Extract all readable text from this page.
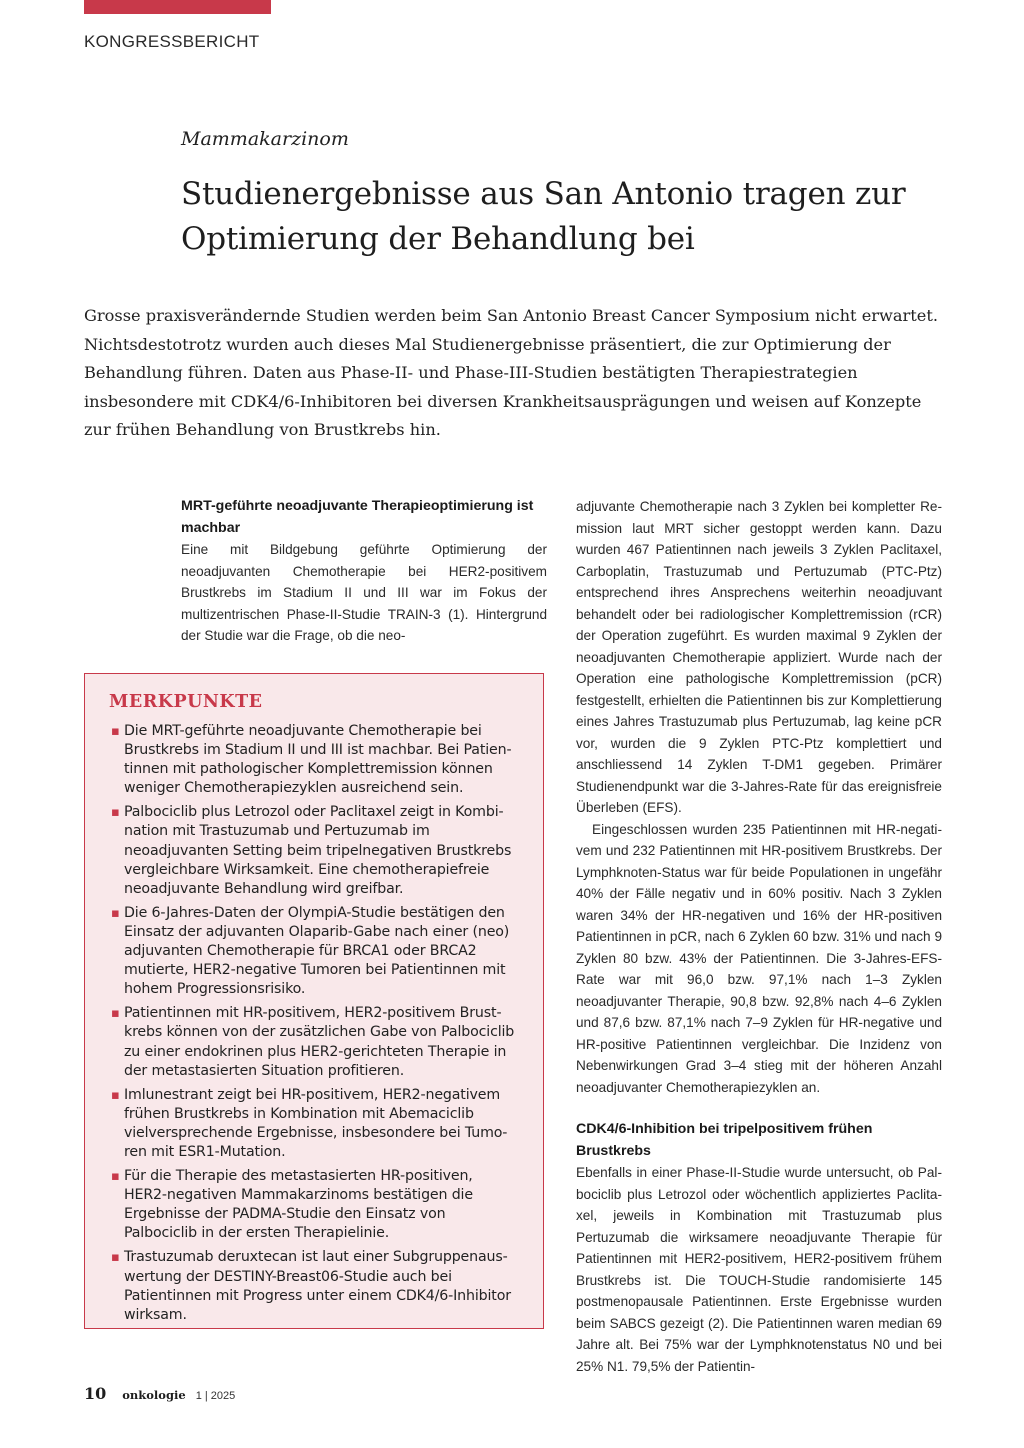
KONGRESSBERICHT
Mammakarzinom
Studienergebnisse aus San Antonio tragen zur Optimierung der Behandlung bei

Grosse praxisverändernde Studien werden beim San Antonio Breast Cancer Symposium nicht erwartet. Nichtsdestotrotz wurden auch dieses Mal Studienergebnisse präsentiert, die zur Optimierung der Behandlung führen. Daten aus Phase-II- und Phase-III-Studien bestätigten Therapiestrategien insbesondere mit CDK4/6-Inhibitoren bei diversen Krankheitsausprägungen und weisen auf Konzepte zur frühen Behandlung von Brustkrebs hin.

MRT-geführte neoadjuvante Therapieoptimierung ist machbar

Eine mit Bildgebung geführte Optimierung der neoadjuvanten Chemotherapie bei HER2-positivem Brustkrebs im Stadium II und III war im Fokus der multizentrischen Phase-II-Studie TRAIN-3 (1). Hintergrund der Studie war die Frage, ob die neo-

MERKPUNKTE

▪ Die MRT-geführte neoadjuvante Chemotherapie bei Brustkrebs im Stadium II und III ist machbar. Bei Patientinnen mit pathologischer Komplettremission können weniger Chemotherapiezyklen ausreichend sein.
▪ Palbociclib plus Letrozol oder Paclitaxel zeigt in Kombination mit Trastuzumab und Pertuzumab im neoadjuvanten Setting beim tripelnegativen Brustkrebs vergleichbare Wirksamkeit. Eine chemotherapiefreie neoadjuvante Behandlung wird greifbar.
▪ Die 6-Jahres-Daten der OlympiA-Studie bestätigen den Einsatz der adjuvanten Olaparib-Gabe nach einer (neo) adjuvanten Chemotherapie für BRCA1 oder BRCA2 mutierte, HER2-negative Tumoren bei Patientinnen mit hohem Progressionsrisiko.
▪ Patientinnen mit HR-positivem, HER2-positivem Brustkrebs können von der zusätzlichen Gabe von Palbociclib zu einer endokrinen plus HER2-gerichteten Therapie in der metastasierten Situation profitieren.
▪ Imlunestrant zeigt bei HR-positivem, HER2-negativem frühen Brustkrebs in Kombination mit Abemaciclib vielversprechende Ergebnisse, insbesondere bei Tumoren mit ESR1-Mutation.
▪ Für die Therapie des metastasierten HR-positiven, HER2-negativen Mammakarzinoms bestätigen die Ergebnisse der PADMA-Studie den Einsatz von Palbociclib in der ersten Therapielinie.
▪ Trastuzumab deruxtecan ist laut einer Subgruppenauswertung der DESTINY-Breast06-Studie auch bei Patientinnen mit Progress unter einem CDK4/6-Inhibitor wirksam.

adjuvante Chemotherapie nach 3 Zyklen bei kompletter Remission laut MRT sicher gestoppt werden kann. Dazu wurden 467 Patientinnen nach jeweils 3 Zyklen Paclitaxel, Carboplatin, Trastuzumab und Pertuzumab (PTC-Ptz) entsprechend ihres Ansprechens weiterhin neoadjuvant behandelt oder bei radiologischer Komplettremission (rCR) der Operation zugeführt. Es wurden maximal 9 Zyklen der neoadjuvanten Chemotherapie appliziert. Wurde nach der Operation eine pathologische Komplettremission (pCR) festgestellt, erhielten die Patientinnen bis zur Komplettierung eines Jahres Trastuzumab plus Pertuzumab, lag keine pCR vor, wurden die 9 Zyklen PTC-Ptz komplettiert und anschliessend 14 Zyklen T-DM1 gegeben. Primärer Studienendpunkt war die 3-Jahres-Rate für das ereignisfreie Überleben (EFS).

Eingeschlossen wurden 235 Patientinnen mit HR-negativem und 232 Patientinnen mit HR-positivem Brustkrebs. Der Lymphknoten-Status war für beide Populationen in ungefähr 40% der Fälle negativ und in 60% positiv. Nach 3 Zyklen waren 34% der HR-negativen und 16% der HR-positiven Patientinnen in pCR, nach 6 Zyklen 60 bzw. 31% und nach 9 Zyklen 80 bzw. 43% der Patientinnen. Die 3-Jahres-EFS-Rate war mit 96,0 bzw. 97,1% nach 1–3 Zyklen neoadjuvanter Therapie, 90,8 bzw. 92,8% nach 4–6 Zyklen und 87,6 bzw. 87,1% nach 7–9 Zyklen für HR-negative und HR-positive Patientinnen vergleichbar. Die Inzidenz von Nebenwirkungen Grad 3–4 stieg mit der höheren Anzahl neoadjuvanter Chemotherapiezyklen an.

CDK4/6-Inhibition bei tripelpositivem frühen Brustkrebs

Ebenfalls in einer Phase-II-Studie wurde untersucht, ob Palbociclib plus Letrozol oder wöchentlich appliziertes Paclitaxel, jeweils in Kombination mit Trastuzumab plus Pertuzumab die wirksamere neoadjuvante Therapie für Patientinnen mit HER2-positivem, HER2-positivem frühem Brustkrebs ist. Die TOUCH-Studie randomisierte 145 postmenopausale Patientinnen. Erste Ergebnisse wurden beim SABCS gezeigt (2). Die Patientinnen waren median 69 Jahre alt. Bei 75% war der Lymphknotenstatus N0 und bei 25% N1. 79,5% der Patientin-

10 onkologie 1 | 2025
